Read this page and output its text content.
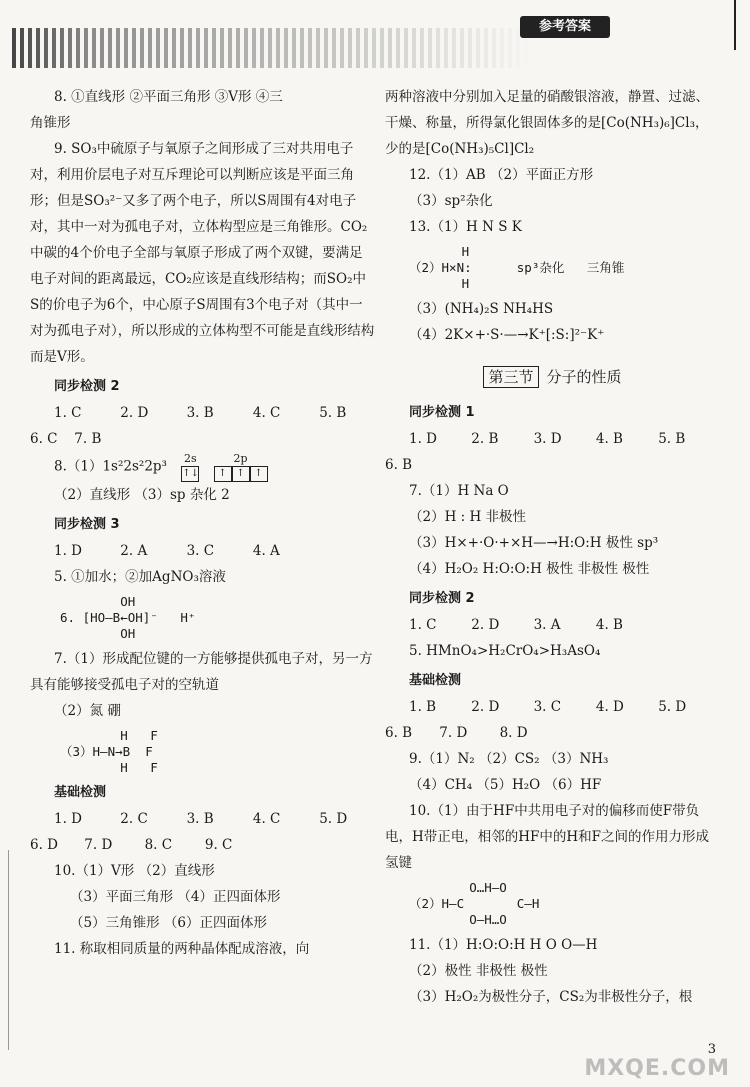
参考答案

8. ①直线形 ②平面三角形 ③V形 ④三

角锥形

9. SO₃中硫原子与氧原子之间形成了三对共用电子对，利用价层电子对互斥理论可以判断应该是平面三角形；但是SO₃²⁻又多了两个电子，所以S周围有4对电子对，其中一对为孤电子对，立体构型应是三角锥形。CO₂中碳的4个价电子全部与氧原子形成了两个双键，要满足电子对间的距离最远，CO₂应该是直线形结构；而SO₂中S的价电子为6个，中心原子S周围有3个电子对（其中一对为孤电子对），所以形成的立体构型不可能是直线形结构而是V形。

同步检测 2

1. C	2. D	3. B	4. C	5. B

6. C 7. B

8.（1）1s²2s²2p³ 2s
↑↓
2p
↑ ↑ ↑

（2）直线形 （3）sp 杂化 2

同步检测 3

1. D	2. A	3. C	4. A

5. ①加水；②加AgNO₃溶液

OH
6. [HO—B←OH]⁻   H⁺
OH

7.（1）形成配位键的一方能够提供孤电子对，另一方具有能够接受孤电子对的空轨道

（2）氮 硼

H   F
（3）H—N→B  F
H   F

基础检测

1. D	2. C	3. B	4. C	5. D

6. D 7. D 8. C 9. C

10.（1）V形 （2）直线形

（3）平面三角形 （4）正四面体形

（5）三角锥形 （6）正四面体形

11. 称取相同质量的两种晶体配成溶液，向

两种溶液中分别加入足量的硝酸银溶液，静置、过滤、干燥、称量，所得氯化银固体多的是[Co(NH₃)₆]Cl₃，少的是[Co(NH₃)₅Cl]Cl₂

12.（1）AB （2）平面正方形

（3）sp²杂化

13.（1）H N S K

H
（2）H×N:      sp³杂化   三角锥
H

（3）(NH₄)₂S NH₄HS

（4）2K×+·S·—→K⁺[:S:]²⁻K⁺

第三节 分子的性质

同步检测 1

1. D	2. B	3. D	4. B	5. B

6. B

7.（1）H Na O

（2）H : H 非极性

（3）H×+·O·+×H—→H:O:H 极性 sp³

（4）H₂O₂ H:O:O:H 极性 非极性 极性

同步检测 2

1. C	2. D	3. A	4. B

5. HMnO₄>H₂CrO₄>H₃AsO₄

基础检测

1. B	2. D	3. C	4. D	5. D

6. B 7. D 8. D

9.（1）N₂ （2）CS₂ （3）NH₃

（4）CH₄ （5）H₂O （6）HF

10.（1）由于HF中共用电子对的偏移而使F带负电，H带正电，相邻的HF中的H和F之间的作用力形成氢键

O…H—O
（2）H—C       C—H
O—H…O

11.（1）H:O:O:H H O O—H

（2）极性 非极性 极性

（3）H₂O₂为极性分子，CS₂为非极性分子，根

3
MXQE.COM
